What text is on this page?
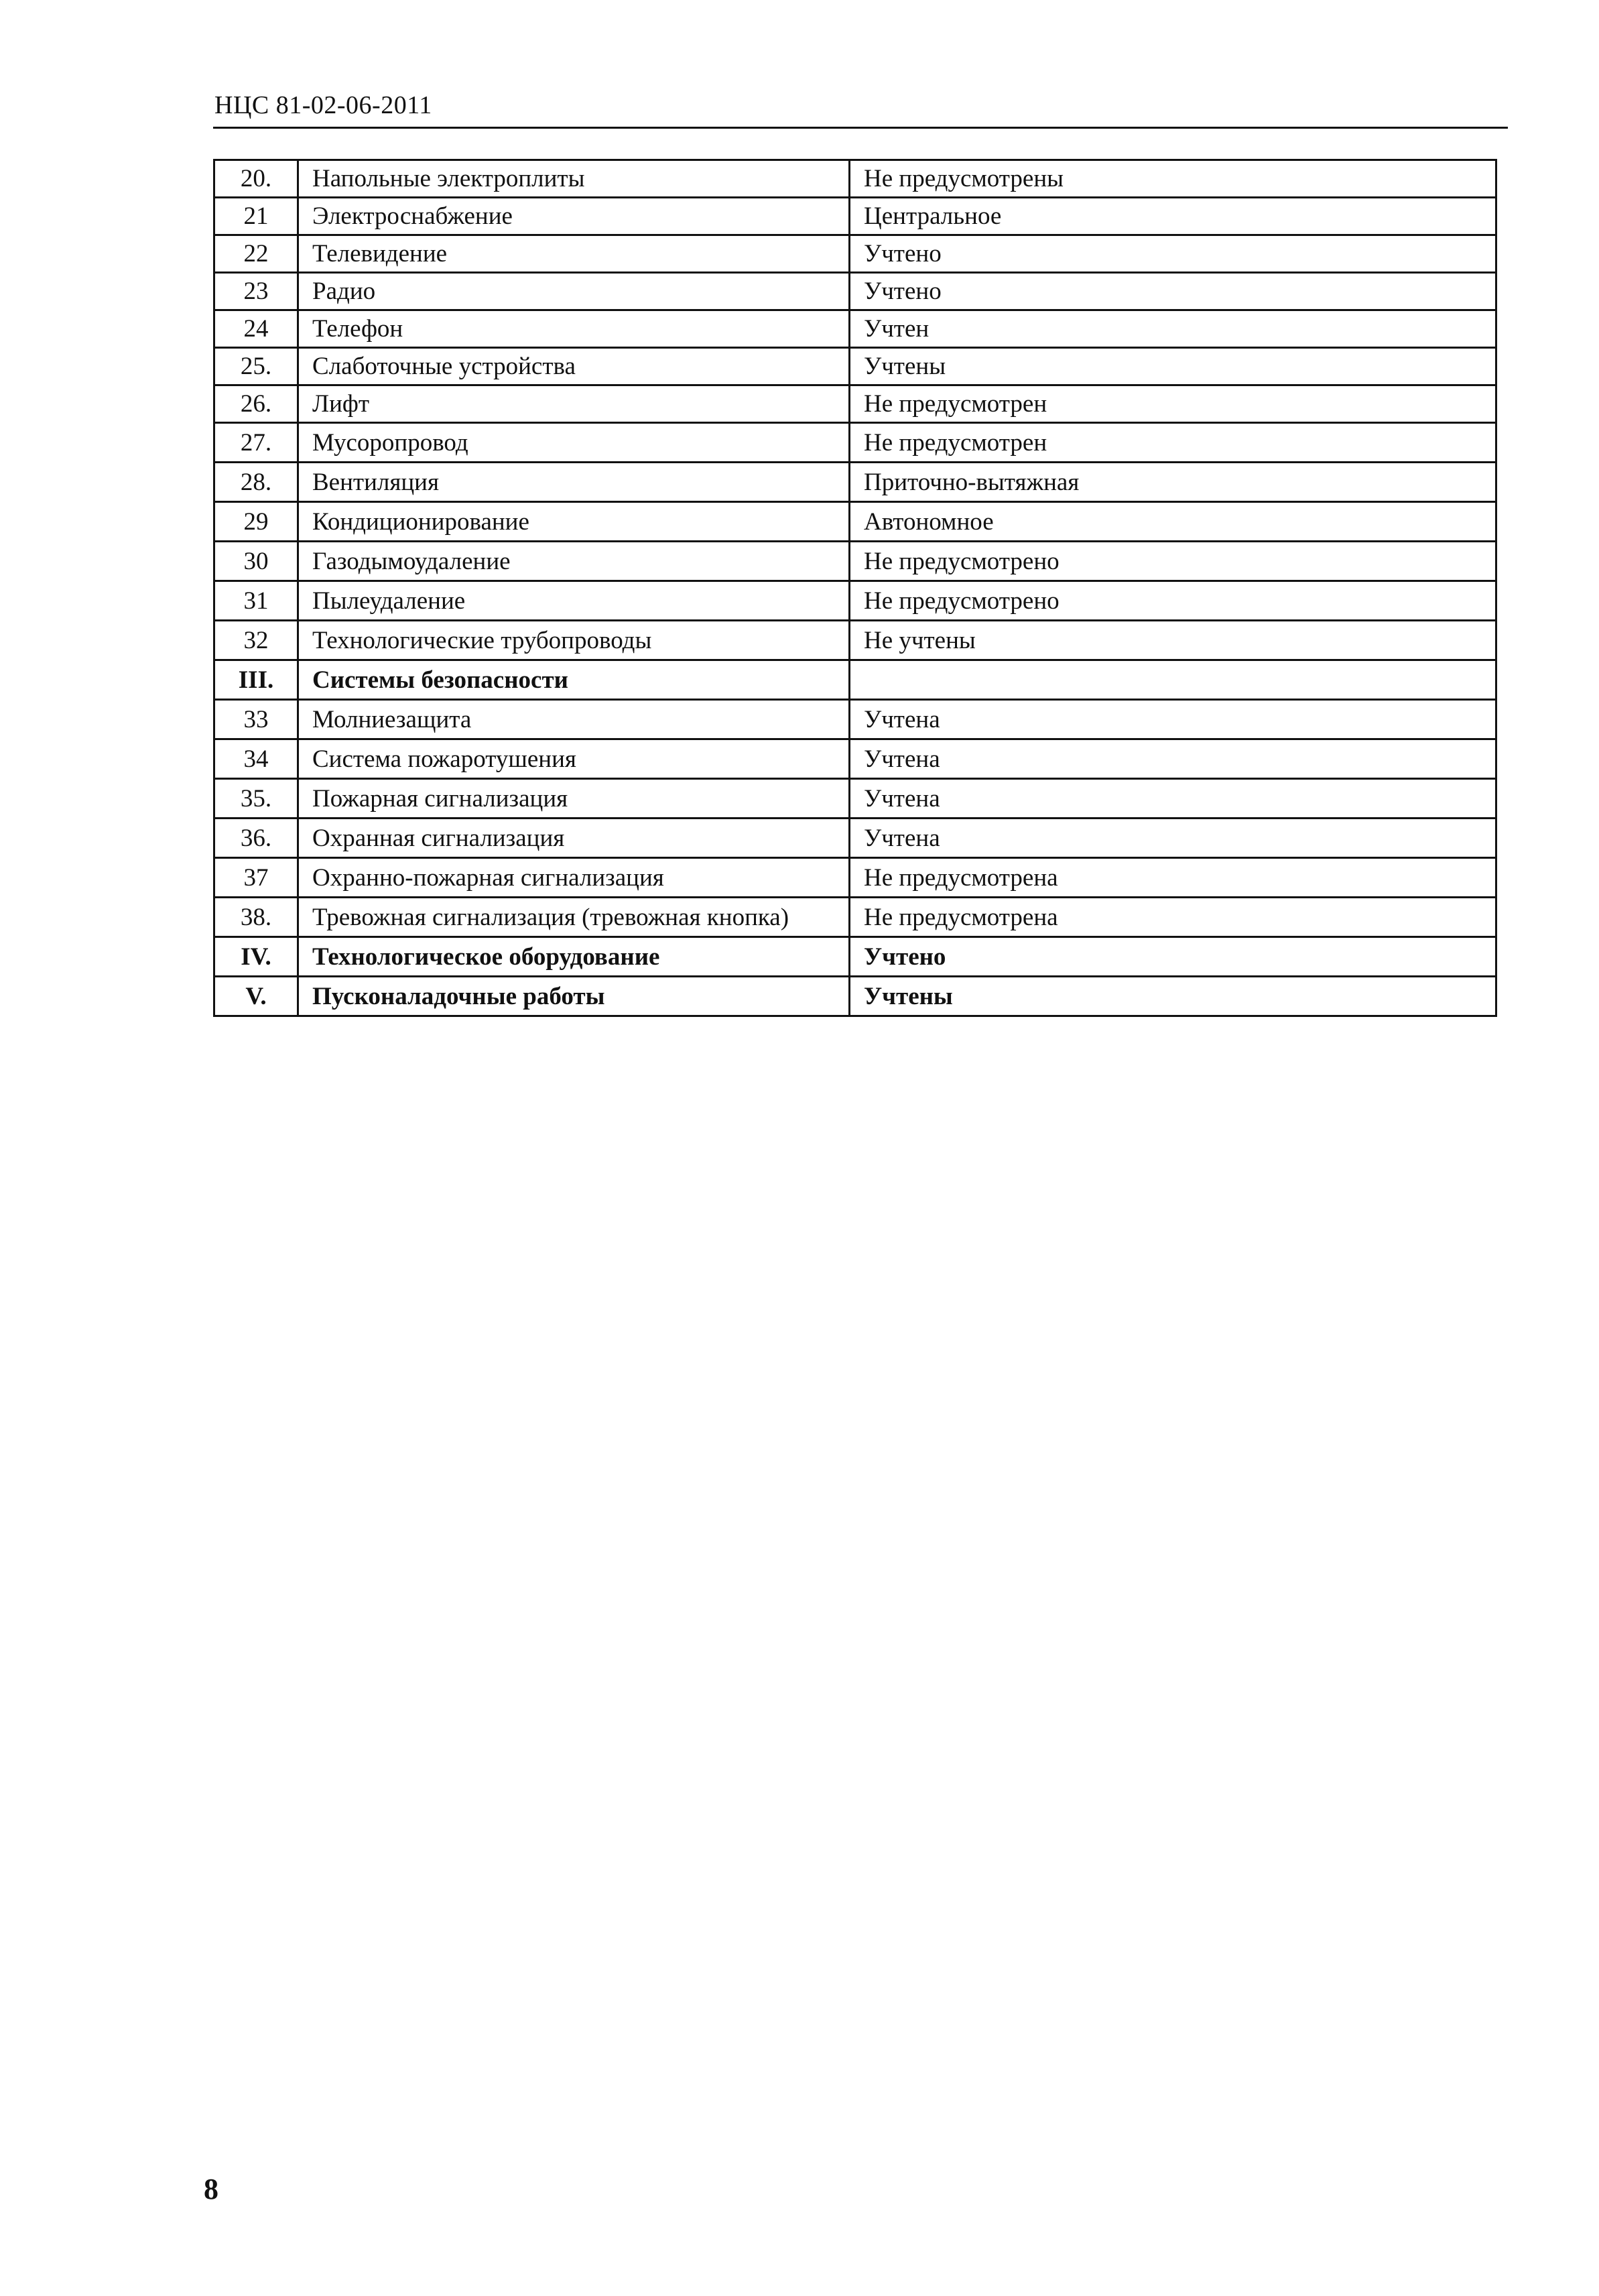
НЦС 81-02-06-2011
20.	Напольные электроплиты	Не предусмотрены
21	Электроснабжение	Центральное
22	Телевидение	Учтено
23	Радио	Учтено
24	Телефон	Учтен
25.	Слаботочные устройства	Учтены
26.	Лифт	Не предусмотрен
27.	Мусоропровод	Не предусмотрен
28.	Вентиляция	Приточно-вытяжная
29	Кондиционирование	Автономное
30	Газодымоудаление	Не предусмотрено
31	Пылеудаление	Не предусмотрено
32	Технологические трубопроводы	Не учтены
III.	Системы безопасности	
33	Молниезащита	Учтена
34	Система пожаротушения	Учтена
35.	Пожарная сигнализация	Учтена
36.	Охранная сигнализация	Учтена
37	Охранно-пожарная сигнализация	Не предусмотрена
38.	Тревожная сигнализация (тревожная кнопка)	Не предусмотрена
IV.	Технологическое оборудование	Учтено
V.	Пусконаладочные работы	Учтены
8
